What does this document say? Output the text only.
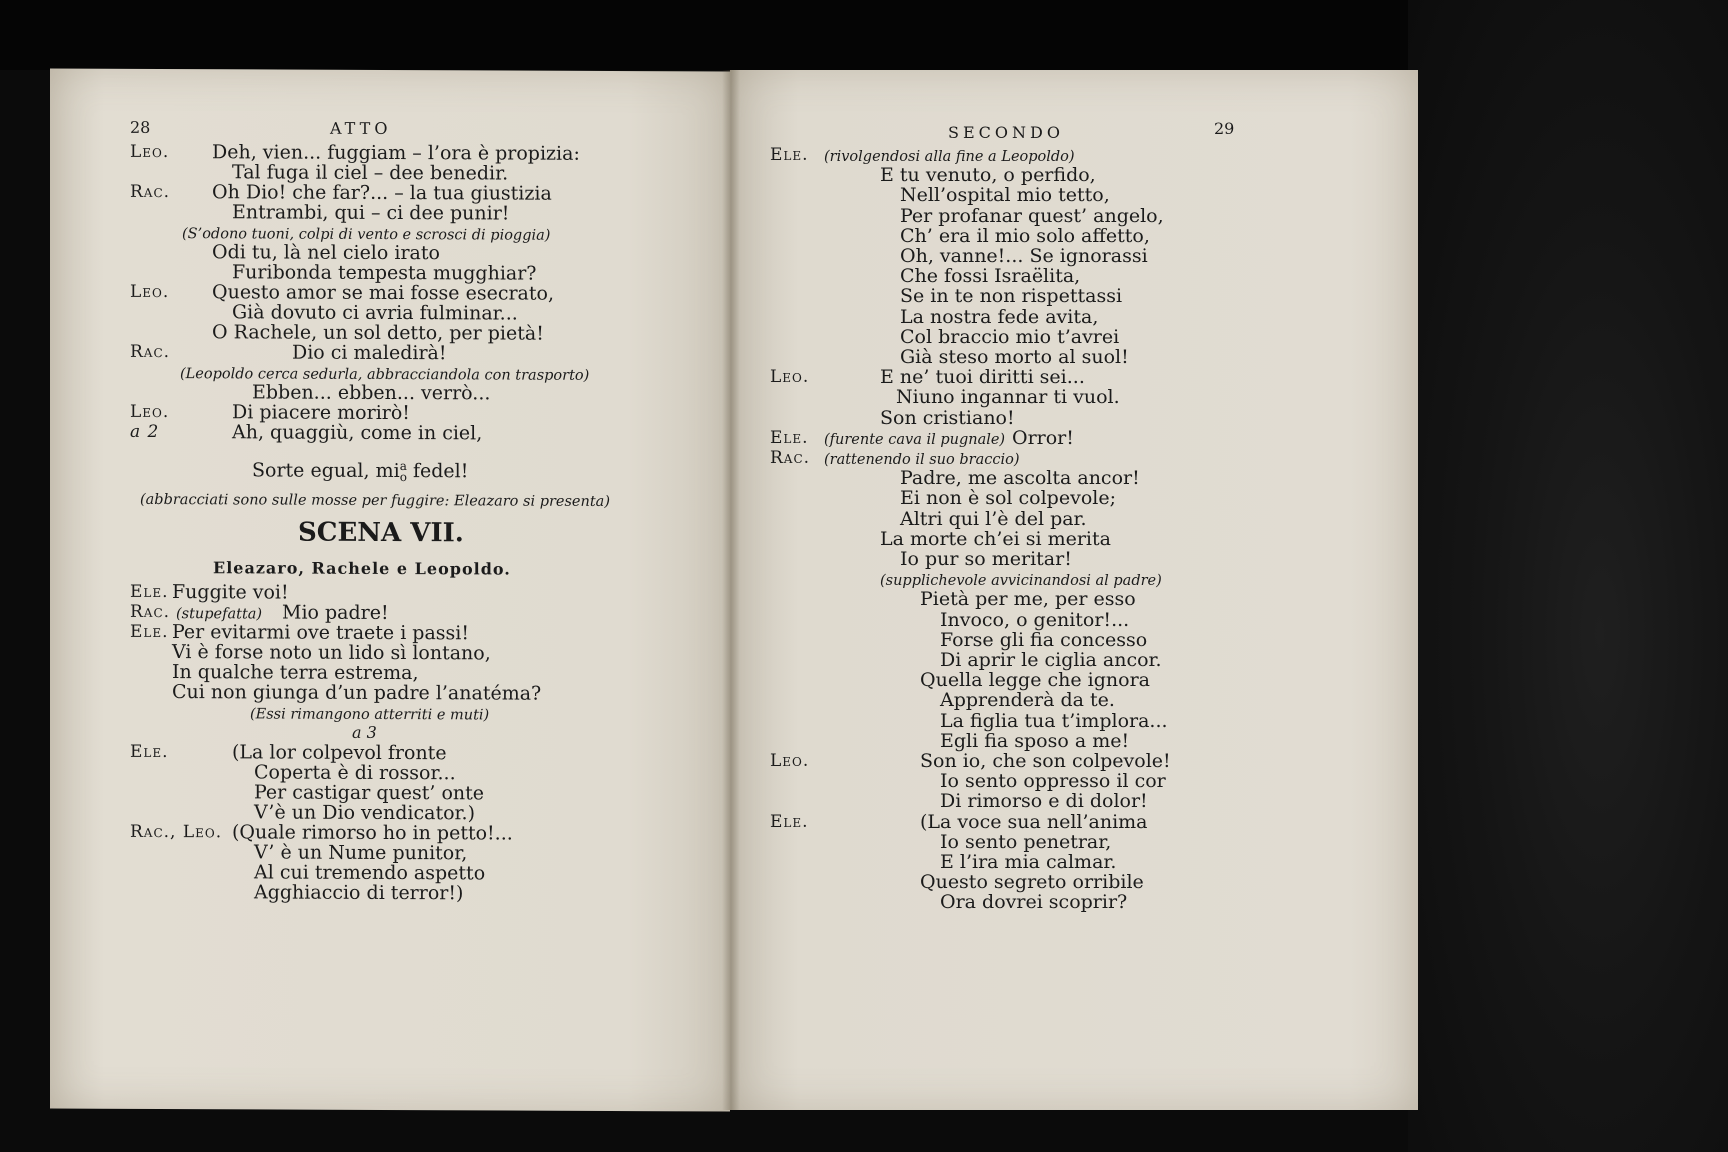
28	ATTO
Leo. Deh, vien... fuggiam – l’ora è propizia:
Tal fuga il ciel – dee benedir.
Rac. Oh Dio! che far?... – la tua giustizia
Entrambi, qui – ci dee punir!
(S’odono tuoni, colpi di vento e scrosci di pioggia)
Odi tu, là nel cielo irato
Furibonda tempesta mugghiar?
Leo. Questo amor se mai fosse esecrato,
Già dovuto ci avria fulminar...
O Rachele, un sol detto, per pietà!
Rac.	Dio ci maledirà!
(Leopoldo cerca sedurla, abbracciandola con trasporto)
Ebben... ebben... verrò...
Leo.	Di piacere morirò!
a 2	Ah, quaggiù, come in ciel,
Sorte egual, mia
o fedel!
(abbracciati sono sulle mosse per fuggire: Eleazaro si presenta)
SCENA VII.
Eleazaro, Rachele e Leopoldo.
Ele. Fuggite voi!
Rac. (stupefatta) Mio padre!
Ele. Per evitarmi ove traete i passi!
Vi è forse noto un lido sì lontano,
In qualche terra estrema,
Cui non giunga d’un padre l’anatéma?
(Essi rimangono atterriti e muti)
a 3
Ele.	(La lor colpevol fronte
Coperta è di rossor...
Per castigar quest’ onte
V’è un Dio vendicator.)
Rac., Leo. (Quale rimorso ho in petto!...
V’ è un Nume punitor,
Al cui tremendo aspetto
Agghiaccio di terror!)
SECONDO	29
Ele. (rivolgendosi alla fine a Leopoldo)
E tu venuto, o perfido,
Nell’ospital mio tetto,
Per profanar quest’ angelo,
Ch’ era il mio solo affetto,
Oh, vanne!... Se ignorassi
Che fossi Israëlita,
Se in te non rispettassi
La nostra fede avita,
Col braccio mio t’avrei
Già steso morto al suol!
Leo.	E ne’ tuoi diritti sei...
Niuno ingannar ti vuol.
Son cristiano!
Ele. (furente cava il pugnale) Orror!
Rac. (rattenendo il suo braccio)
Padre, me ascolta ancor!
Ei non è sol colpevole;
Altri qui l’è del par.
La morte ch’ei si merita
Io pur so meritar!
(supplichevole avvicinandosi al padre)
Pietà per me, per esso
Invoco, o genitor!...
Forse gli fia concesso
Di aprir le ciglia ancor.
Quella legge che ignora
Apprenderà da te.
La figlia tua t’implora...
Egli fia sposo a me!
Leo.	Son io, che son colpevole!
Io sento oppresso il cor
Di rimorso e di dolor!
Ele.	(La voce sua nell’anima
Io sento penetrar,
E l’ira mia calmar.
Questo segreto orribile
Ora dovrei scoprir?
